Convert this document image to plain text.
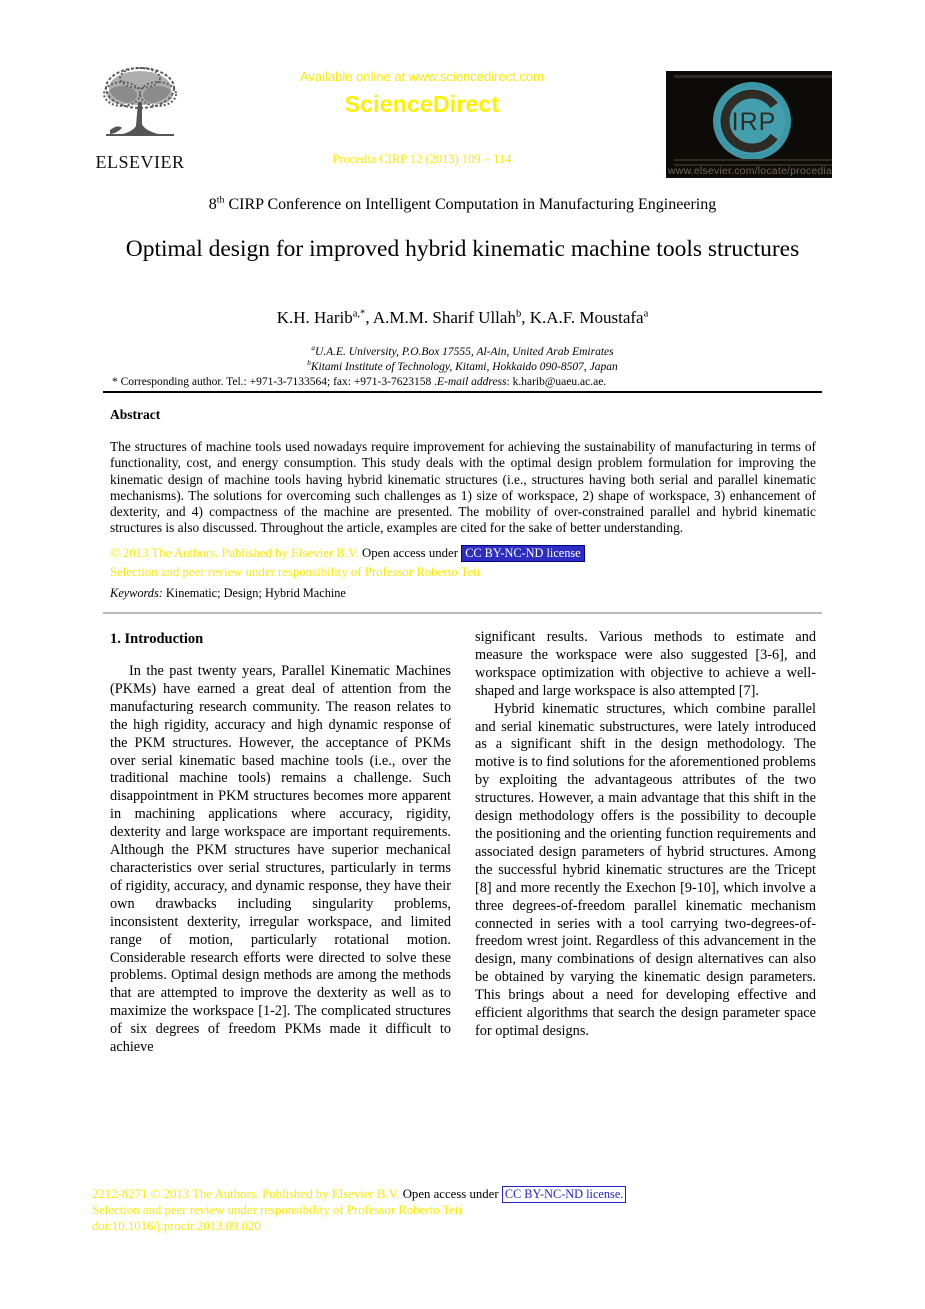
ELSEVIER
Available online at www.sciencedirect.com
ScienceDirect
Procedia CIRP 12 (2013) 109 – 114
IRP
www.elsevier.com/locate/procedia
8th CIRP Conference on Intelligent Computation in Manufacturing Engineering
Optimal design for improved hybrid kinematic machine tools structures
K.H. Harib$^{a,*}$, A.M.M. Sharif Ullah$^b$, K.A.F. Moustafa$^a$
$^a$U.A.E. University, P.O.Box 17555, Al-Ain, United Arab Emirates
$^b$Kitami Institute of Technology, Kitami, Hokkaido 090-8507, Japan
* Corresponding author. Tel.: +971-3-7133564; fax: +971-3-7623158 .E-mail address: k.harib@uaeu.ac.ae.
Abstract
The structures of machine tools used nowadays require improvement for achieving the sustainability of manufacturing in terms of functionality, cost, and energy consumption. This study deals with the optimal design problem formulation for improving the kinematic design of machine tools having hybrid kinematic structures (i.e., structures having both serial and parallel kinematic mechanisms). The solutions for overcoming such challenges as 1) size of workspace, 2) shape of workspace, 3) enhancement of dexterity, and 4) compactness of the machine are presented. The mobility of over-constrained parallel and hybrid kinematic structures is also discussed. Throughout the article, examples are cited for the sake of better understanding.
© 2013 The Authors. Published by Elsevier B.V. Open access under CC BY-NC-ND license
Selection and peer review under responsibility of Professor Roberto Teti
Keywords: Kinematic; Design; Hybrid Machine
1. Introduction

In the past twenty years, Parallel Kinematic Machines (PKMs) have earned a great deal of attention from the manufacturing research community. The reason relates to the high rigidity, accuracy and high dynamic response of the PKM structures. However, the acceptance of PKMs over serial kinematic based machine tools (i.e., over the traditional machine tools) remains a challenge. Such disappointment in PKM structures becomes more apparent in machining applications where accuracy, rigidity, dexterity and large workspace are important requirements. Although the PKM structures have superior mechanical characteristics over serial structures, particularly in terms of rigidity, accuracy, and dynamic response, they have their own drawbacks including singularity problems, inconsistent dexterity, irregular workspace, and limited range of motion, particularly rotational motion. Considerable research efforts were directed to solve these problems. Optimal design methods are among the methods that are attempted to improve the dexterity as well as to maximize the workspace [1-2]. The complicated structures of six degrees of freedom PKMs made it difficult to achieve

significant results. Various methods to estimate and measure the workspace were also suggested [3-6], and workspace optimization with objective to achieve a well-shaped and large workspace is also attempted [7].

Hybrid kinematic structures, which combine parallel and serial kinematic substructures, were lately introduced as a significant shift in the design methodology. The motive is to find solutions for the aforementioned problems by exploiting the advantageous attributes of the two structures. However, a main advantage that this shift in the design methodology offers is the possibility to decouple the positioning and the orienting function requirements and associated design parameters of hybrid structures. Among the successful hybrid kinematic structures are the Tricept [8] and more recently the Exechon [9-10], which involve a three degrees-of-freedom parallel kinematic mechanism connected in series with a tool carrying two-degrees-of-freedom wrest joint. Regardless of this advancement in the design, many combinations of design alternatives can also be obtained by varying the kinematic design parameters. This brings about a need for developing effective and efficient algorithms that search the design parameter space for optimal designs.

2212-8271 © 2013 The Authors. Published by Elsevier B.V. Open access under CC BY-NC-ND license.
Selection and peer review under responsibility of Professor Roberto Teti
doi:10.1016/j.procir.2013.09.020
